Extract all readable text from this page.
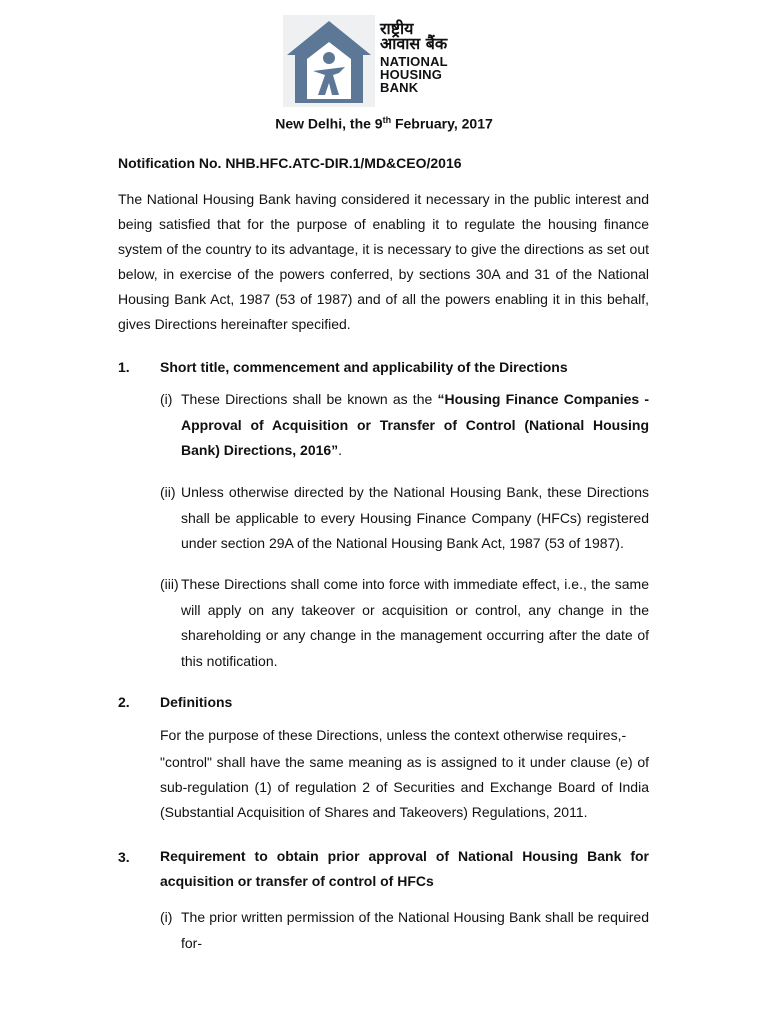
राष्ट्रीय
आवास बैंक
NATIONAL
HOUSING BANK
New Delhi, the 9th February, 2017
Notification No. NHB.HFC.ATC-DIR.1/MD&CEO/2016
The National Housing Bank having considered it necessary in the public interest and being satisfied that for the purpose of enabling it to regulate the housing finance system of the country to its advantage, it is necessary to give the directions as set out below, in exercise of the powers conferred, by sections 30A and 31 of the National Housing Bank Act, 1987 (53 of 1987) and of all the powers enabling it in this behalf, gives Directions hereinafter specified.
1. Short title, commencement and applicability of the Directions
(i) These Directions shall be known as the “Housing Finance Companies - Approval of Acquisition or Transfer of Control (National Housing Bank) Directions, 2016”.
(ii) Unless otherwise directed by the National Housing Bank, these Directions shall be applicable to every Housing Finance Company (HFCs) registered under section 29A of the National Housing Bank Act, 1987 (53 of 1987).
(iii) These Directions shall come into force with immediate effect, i.e., the same will apply on any takeover or acquisition or control, any change in the shareholding or any change in the management occurring after the date of this notification.
2. Definitions
For the purpose of these Directions, unless the context otherwise requires,-
"control" shall have the same meaning as is assigned to it under clause (e) of sub-regulation (1) of regulation 2 of Securities and Exchange Board of India (Substantial Acquisition of Shares and Takeovers) Regulations, 2011.
3. Requirement to obtain prior approval of National Housing Bank for acquisition or transfer of control of HFCs
(i) The prior written permission of the National Housing Bank shall be required for-
